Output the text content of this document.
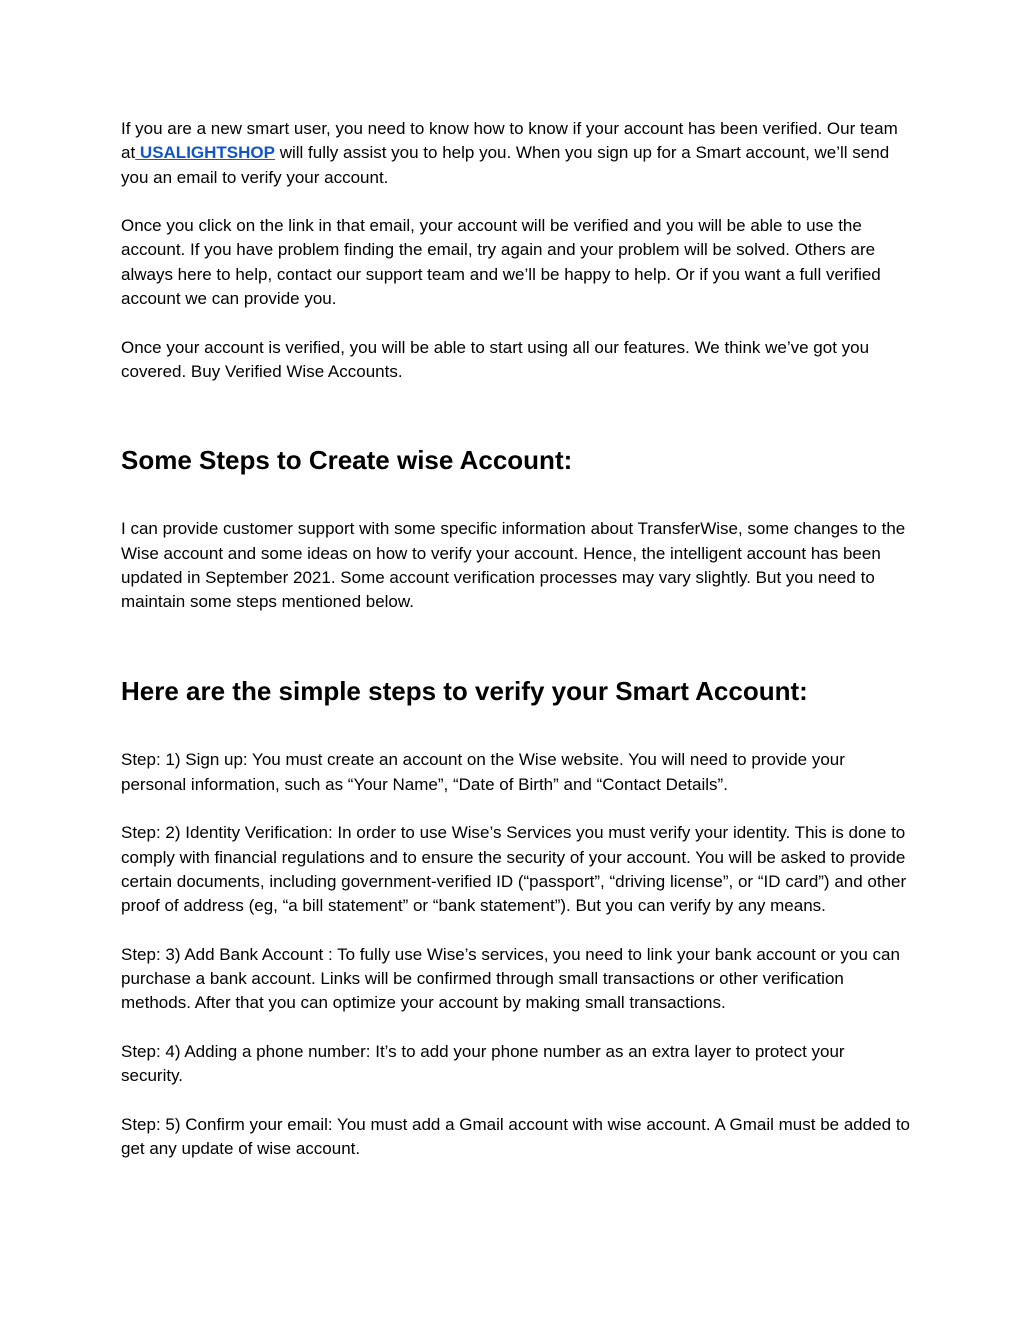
If you are a new smart user, you need to know how to know if your account has been verified. Our team at USALIGHTSHOP will fully assist you to help you. When you sign up for a Smart account, we’ll send you an email to verify your account.

Once you click on the link in that email, your account will be verified and you will be able to use the account. If you have problem finding the email, try again and your problem will be solved. Others are always here to help, contact our support team and we’ll be happy to help. Or if you want a full verified account we can provide you.

Once your account is verified, you will be able to start using all our features. We think we’ve got you covered. Buy Verified Wise Accounts.

Some Steps to Create wise Account:

I can provide customer support with some specific information about TransferWise, some changes to the Wise account and some ideas on how to verify your account. Hence, the intelligent account has been updated in September 2021. Some account verification processes may vary slightly. But you need to maintain some steps mentioned below.

Here are the simple steps to verify your Smart Account:

Step: 1) Sign up: You must create an account on the Wise website. You will need to provide your personal information, such as “Your Name”, “Date of Birth” and “Contact Details”.

Step: 2) Identity Verification: In order to use Wise’s Services you must verify your identity. This is done to comply with financial regulations and to ensure the security of your account. You will be asked to provide certain documents, including government-verified ID (“passport”, “driving license”, or “ID card”) and other proof of address (eg, “a bill statement” or “bank statement”). But you can verify by any means.

Step: 3) Add Bank Account : To fully use Wise’s services, you need to link your bank account or you can purchase a bank account. Links will be confirmed through small transactions or other verification methods. After that you can optimize your account by making small transactions.

Step: 4) Adding a phone number: It’s to add your phone number as an extra layer to protect your security.

Step: 5) Confirm your email: You must add a Gmail account with wise account. A Gmail must be added to get any update of wise account.
